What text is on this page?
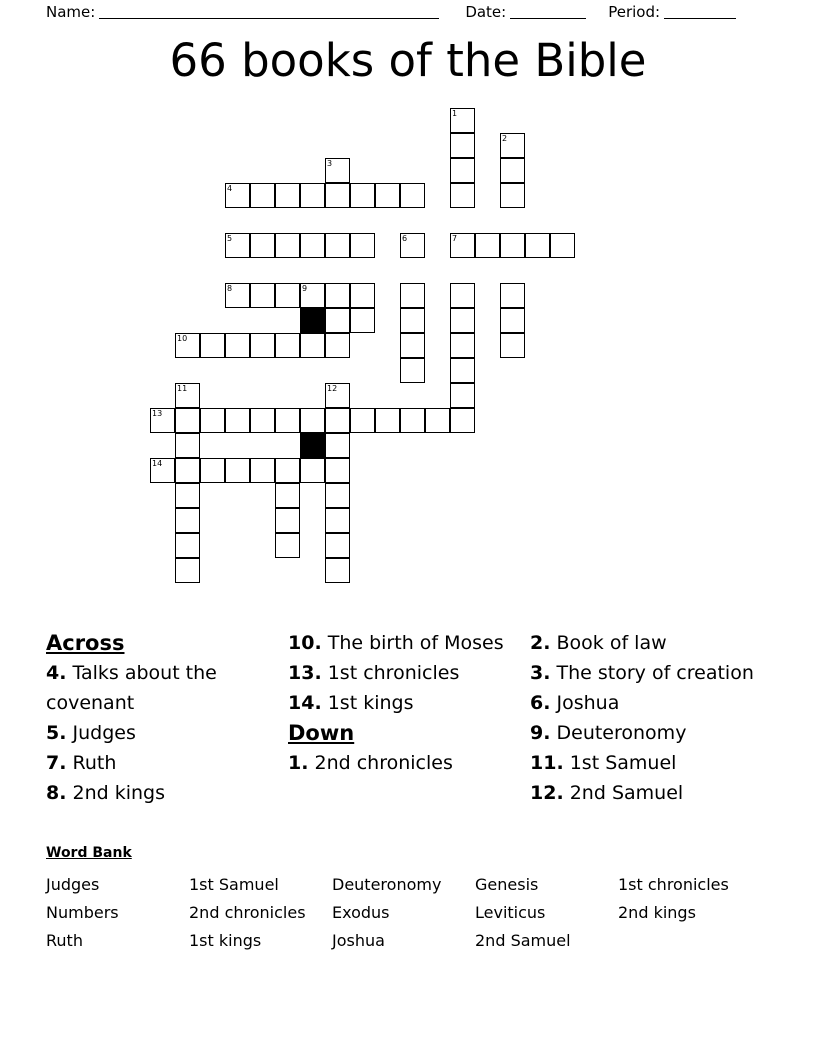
Name:	Date:	Period:
66 books of the Bible
1
2
3
4
5	6	7
8	9
10
11	12
13
14
Across
4. Talks about the covenant
5. Judges
7. Ruth
8. 2nd kings
10. The birth of Moses
13. 1st chronicles
14. 1st kings
Down
1. 2nd chronicles
2. Book of law
3. The story of creation
6. Joshua
9. Deuteronomy
11. 1st Samuel
12. 2nd Samuel
Word Bank
Judges	1st Samuel	Deuteronomy	Genesis	1st chronicles
Numbers	2nd chronicles	Exodus	Leviticus	2nd kings
Ruth	1st kings	Joshua	2nd Samuel
